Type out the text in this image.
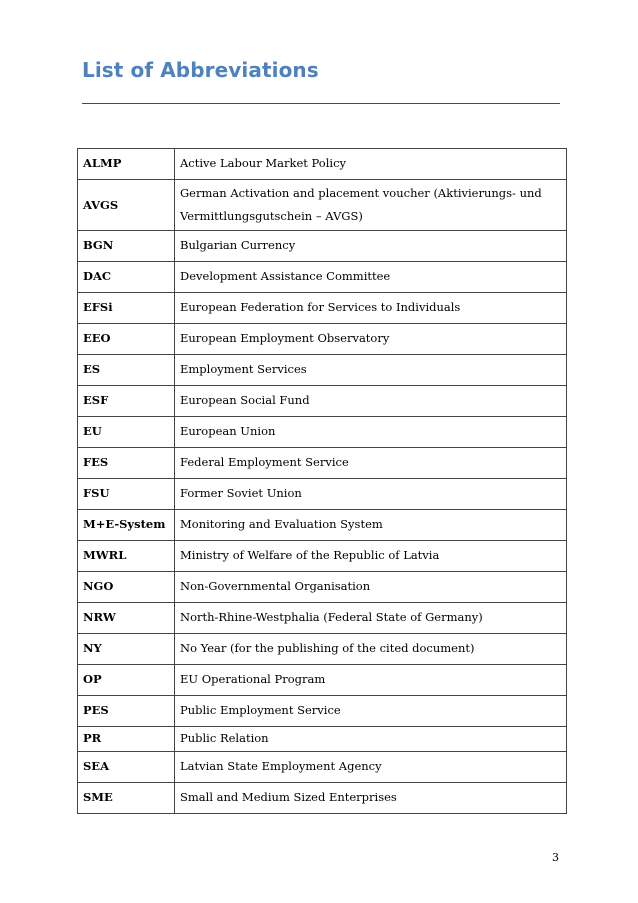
List of Abbreviations
ALMP	Active Labour Market Policy
AVGS	German Activation and placement voucher (Aktivierungs- und Vermittlungsgutschein – AVGS)
BGN	Bulgarian Currency
DAC	Development Assistance Committee
EFSi	European Federation for Services to Individuals
EEO	European Employment Observatory
ES	Employment Services
ESF	European Social Fund
EU	European Union
FES	Federal Employment Service
FSU	Former Soviet Union
M+E-System	Monitoring and Evaluation System
MWRL	Ministry of Welfare of the Republic of Latvia
NGO	Non-Governmental Organisation
NRW	North-Rhine-Westphalia (Federal State of Germany)
NY	No Year (for the publishing of the cited document)
OP	EU Operational Program
PES	Public Employment Service
PR	Public Relation
SEA	Latvian State Employment Agency
SME	Small and Medium Sized Enterprises
3
